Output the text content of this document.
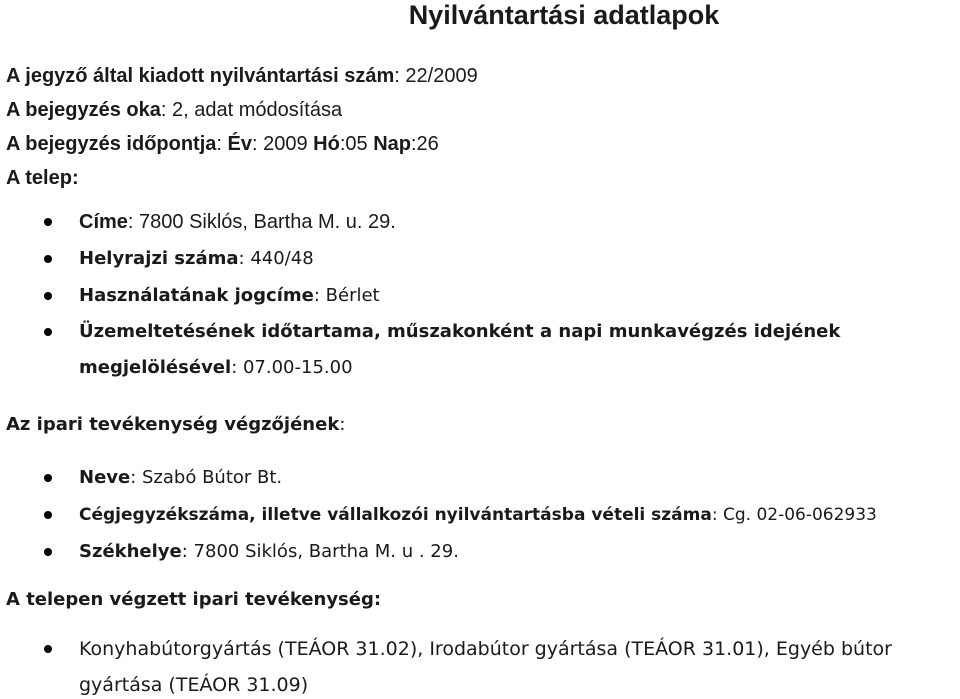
Nyilvántartási adatlapok
A jegyző által kiadott nyilvántartási szám: 22/2009
A bejegyzés oka: 2, adat módosítása
A bejegyzés időpontja: Év: 2009 Hó:05 Nap:26
A telep:
Címe: 7800 Siklós, Bartha M. u. 29.
Helyrajzi száma: 440/48
Használatának jogcíme: Bérlet
Üzemeltetésének időtartama, műszakonként a napi munkavégzés idejének
megjelölésével: 07.00-15.00
Az ipari tevékenység végzőjének:
Neve: Szabó Bútor Bt.
Cégjegyzékszáma, illetve vállalkozói nyilvántartásba vételi száma: Cg. 02-06-062933
Székhelye: 7800 Siklós, Bartha M. u . 29.
A telepen végzett ipari tevékenység:
Konyhabútorgyártás (TEÁOR 31.02), Irodabútor gyártása (TEÁOR 31.01), Egyéb bútor
gyártása (TEÁOR 31.09)
